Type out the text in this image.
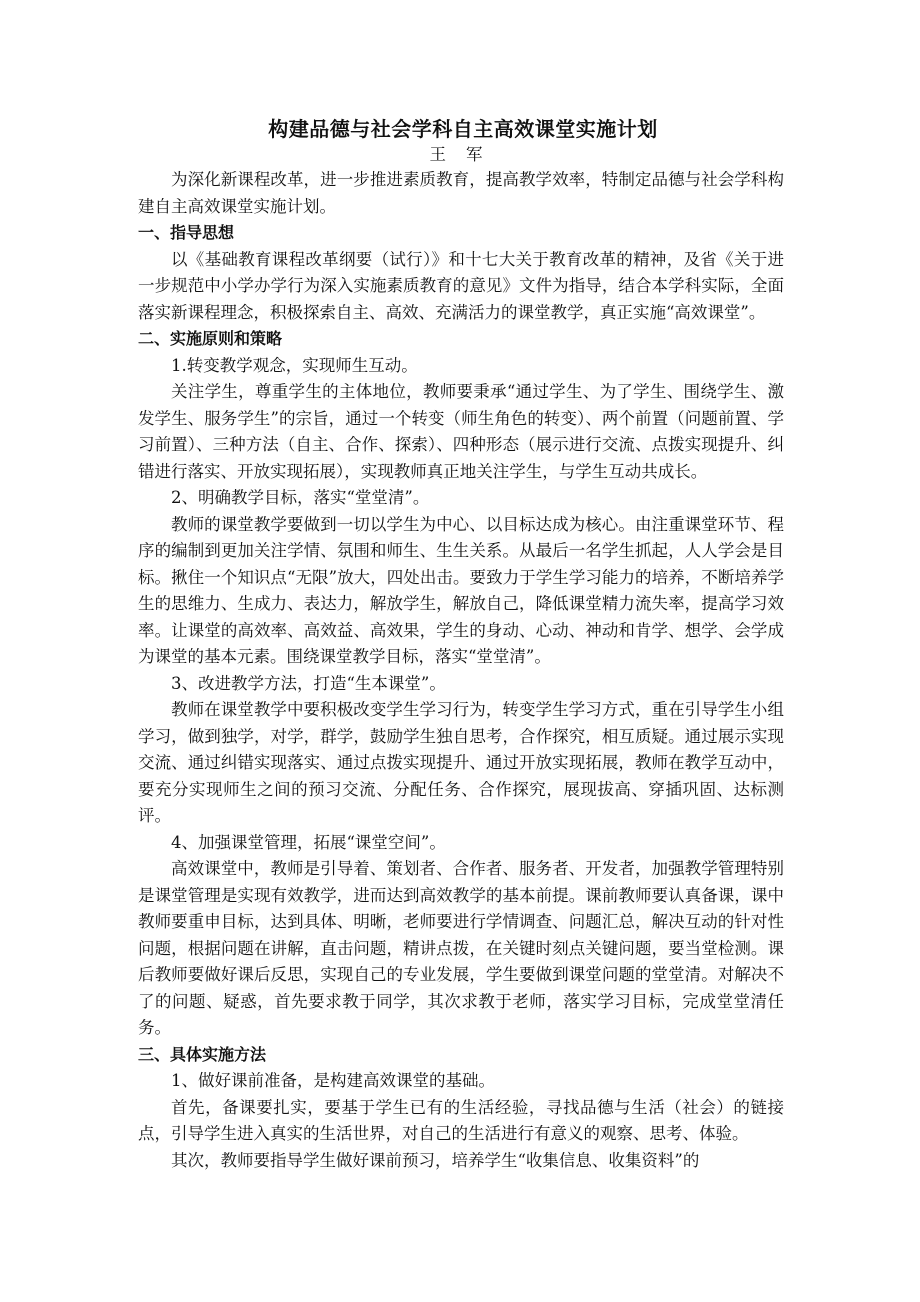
构建品德与社会学科自主高效课堂实施计划

王军

为深化新课程改革，进一步推进素质教育，提高教学效率，特制定品德与社会学科构建自主高效课堂实施计划。

一、指导思想

以《基础教育课程改革纲要（试行）》和十七大关于教育改革的精神，及省《关于进一步规范中小学办学行为深入实施素质教育的意见》文件为指导，结合本学科实际，全面落实新课程理念，积极探索自主、高效、充满活力的课堂教学，真正实施“高效课堂”。

二、实施原则和策略

1.转变教学观念，实现师生互动。

关注学生，尊重学生的主体地位，教师要秉承“通过学生、为了学生、围绕学生、激发学生、服务学生”的宗旨，通过一个转变（师生角色的转变）、两个前置（问题前置、学习前置）、三种方法（自主、合作、探索）、四种形态（展示进行交流、点拨实现提升、纠错进行落实、开放实现拓展），实现教师真正地关注学生，与学生互动共成长。

2、明确教学目标，落实“堂堂清”。

教师的课堂教学要做到一切以学生为中心、以目标达成为核心。由注重课堂环节、程序的编制到更加关注学情、氛围和师生、生生关系。从最后一名学生抓起，人人学会是目标。揪住一个知识点“无限”放大，四处出击。要致力于学生学习能力的培养，不断培养学生的思维力、生成力、表达力，解放学生，解放自己，降低课堂精力流失率，提高学习效率。让课堂的高效率、高效益、高效果，学生的身动、心动、神动和肯学、想学、会学成为课堂的基本元素。围绕课堂教学目标，落实“堂堂清”。

3、改进教学方法，打造“生本课堂”。

教师在课堂教学中要积极改变学生学习行为，转变学生学习方式，重在引导学生小组学习，做到独学，对学，群学，鼓励学生独自思考，合作探究，相互质疑。通过展示实现交流、通过纠错实现落实、通过点拨实现提升、通过开放实现拓展，教师在教学互动中，要充分实现师生之间的预习交流、分配任务、合作探究，展现拔高、穿插巩固、达标测评。

4、加强课堂管理，拓展“课堂空间”。

高效课堂中，教师是引导着、策划者、合作者、服务者、开发者，加强教学管理特别是课堂管理是实现有效教学，进而达到高效教学的基本前提。课前教师要认真备课，课中教师要重申目标，达到具体、明晰，老师要进行学情调查、问题汇总，解决互动的针对性问题，根据问题在讲解，直击问题，精讲点拨，在关键时刻点关键问题，要当堂检测。课后教师要做好课后反思，实现自己的专业发展，学生要做到课堂问题的堂堂清。对解决不了的问题、疑惑，首先要求教于同学，其次求教于老师，落实学习目标，完成堂堂清任务。

三、具体实施方法

1、做好课前准备，是构建高效课堂的基础。

首先，备课要扎实，要基于学生已有的生活经验，寻找品德与生活（社会）的链接点，引导学生进入真实的生活世界，对自己的生活进行有意义的观察、思考、体验。

其次，教师要指导学生做好课前预习，培养学生“收集信息、收集资料”的
